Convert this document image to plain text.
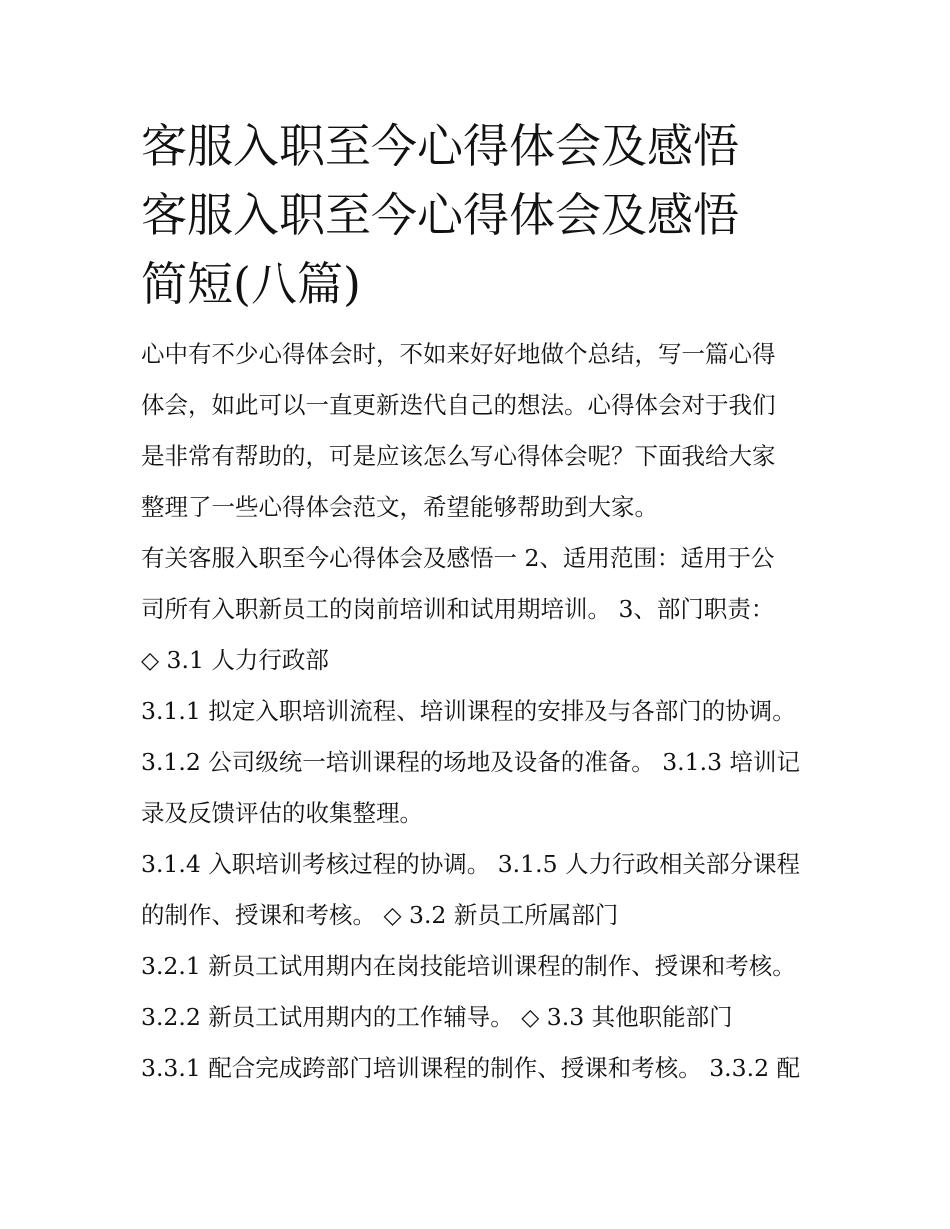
客服入职至今心得体会及感悟
客服入职至今心得体会及感悟
简短(八篇)
心中有不少心得体会时，不如来好好地做个总结，写一篇心得
体会，如此可以一直更新迭代自己的想法。心得体会对于我们
是非常有帮助的，可是应该怎么写心得体会呢？下面我给大家
整理了一些心得体会范文，希望能够帮助到大家。
有关客服入职至今心得体会及感悟一 2、适用范围：适用于公
司所有入职新员工的岗前培训和试用期培训。 3、部门职责：
◇ 3.1 人力行政部
3.1.1 拟定入职培训流程、培训课程的安排及与各部门的协调。
3.1.2 公司级统一培训课程的场地及设备的准备。 3.1.3 培训记
录及反馈评估的收集整理。
3.1.4 入职培训考核过程的协调。 3.1.5 人力行政相关部分课程
的制作、授课和考核。 ◇ 3.2 新员工所属部门
3.2.1 新员工试用期内在岗技能培训课程的制作、授课和考核。
3.2.2 新员工试用期内的工作辅导。 ◇ 3.3 其他职能部门
3.3.1 配合完成跨部门培训课程的制作、授课和考核。 3.3.2 配
